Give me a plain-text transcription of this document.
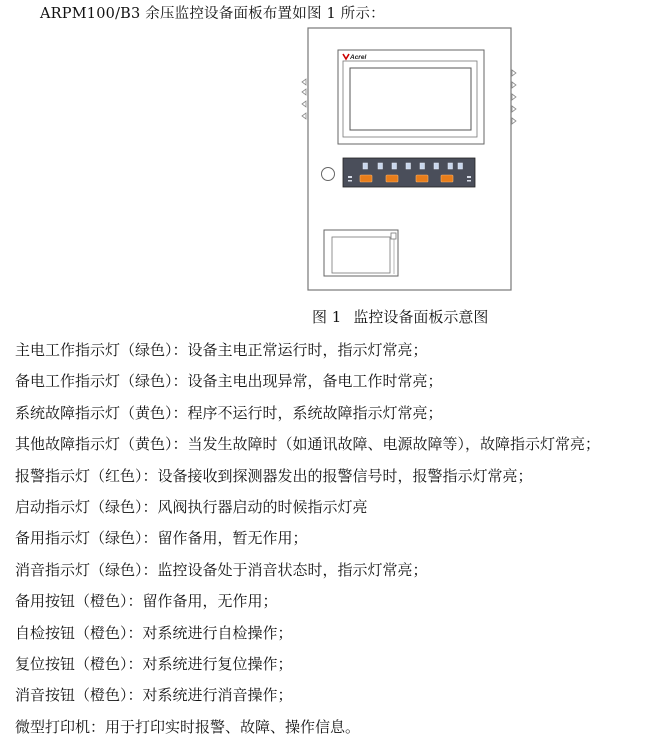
ARPM100/B3 余压监控设备面板布置如图 1 所示：
Acrel
图 1 监控设备面板示意图
主电工作指示灯（绿色）：设备主电正常运行时，指示灯常亮；
备电工作指示灯（绿色）：设备主电出现异常，备电工作时常亮；
系统故障指示灯（黄色）：程序不运行时，系统故障指示灯常亮；
其他故障指示灯（黄色）：当发生故障时（如通讯故障、电源故障等），故障指示灯常亮；
报警指示灯（红色）：设备接收到探测器发出的报警信号时，报警指示灯常亮；
启动指示灯（绿色）：风阀执行器启动的时候指示灯亮
备用指示灯（绿色）：留作备用，暂无作用；
消音指示灯（绿色）：监控设备处于消音状态时，指示灯常亮；
备用按钮（橙色）：留作备用，无作用；
自检按钮（橙色）：对系统进行自检操作；
复位按钮（橙色）：对系统进行复位操作；
消音按钮（橙色）：对系统进行消音操作；
微型打印机：用于打印实时报警、故障、操作信息。
